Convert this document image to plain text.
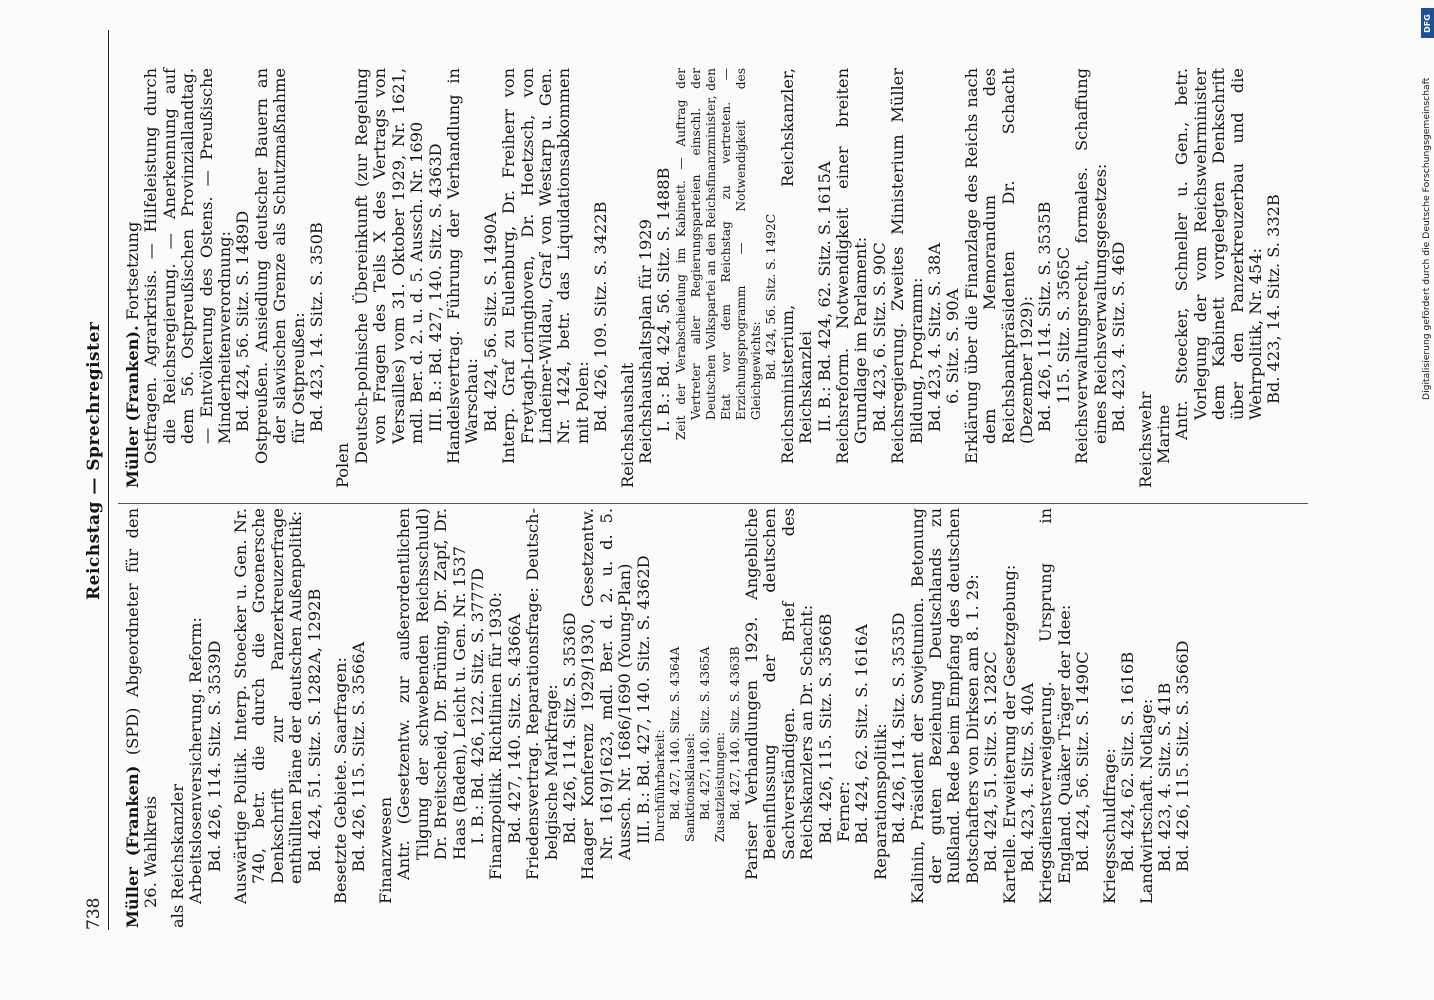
738
Reichstag — Sprechregister

Müller (Franken) (SPD) Abgeordneter für den 26. Wahlkreis als Reichskanzler Arbeitslosenversicherung. Reform: Bd. 426, 114. Sitz. S. 3539D Auswärtige Politik. Interp. Stoecker u. Gen. Nr. 740, betr. die durch die Groenersche Denkschrift zur Panzerkreuzerfrage enthüllten Pläne der deutschen Außenpolitik: Bd. 424, 51. Sitz. S. 1282A, 1292B Besetzte Gebiete. Saarfragen: Bd. 426, 115. Sitz. S. 3566A Finanzwesen Antr. (Gesetzentw. zur außerordentlichen Tilgung der schwebenden Reichsschuld) Dr. Breitscheid, Dr. Brüning, Dr. Zapf, Dr. Haas (Baden), Leicht u. Gen. Nr. 1537 I. B.: Bd. 426, 122. Sitz. S. 3777D Finanzpolitik. Richtlinien für 1930: Bd. 427, 140. Sitz. S. 4366A Friedensvertrag. Reparationsfrage: Deutsch-belgische Markfrage: Bd. 426, 114. Sitz. S. 3536D Haager Konferenz 1929/1930, Gesetzentw. Nr. 1619/1623, mdl. Ber. d. 2. u. d. 5. Aussch. Nr. 1686/1690 (Young-Plan) III. B.: Bd. 427, 140. Sitz. S. 4362D Durchführbarkeit: Bd. 427, 140. Sitz. S. 4364A Sanktionsklausel: Bd. 427, 140. Sitz. S. 4365A Zusatzleistungen: Bd. 427, 140. Sitz. S. 4363B Pariser Verhandlungen 1929. Angebliche Beeinflussung der deutschen Sachverständigen. Brief des Reichskanzlers an Dr. Schacht: Bd. 426, 115. Sitz. S. 3566B Ferner: Bd. 424, 62. Sitz. S. 1616A Reparationspolitik: Bd. 426, 114. Sitz. S. 3535D Kalinin, Präsident der Sowjetunion. Betonung der guten Beziehung Deutschlands zu Rußland. Rede beim Empfang des deutschen Botschafters von Dirksen am 8. 1. 29: Bd. 424, 51. Sitz. S. 1282C Kartelle. Erweiterung der Gesetzgebung: Bd. 423, 4. Sitz. S. 40A Kriegsdienstverweigerung. Ursprung in England. Quäker Träger der Idee: Bd. 424, 56. Sitz. S. 1490C Kriegsschuldfrage: Bd. 424, 62. Sitz. S. 1616B Landwirtschaft. Notlage: Bd. 423, 4. Sitz. S. 41B Bd. 426, 115. Sitz. S. 3566D

Müller (Franken). Fortsetzung Ostfragen. Agrarkrisis. — Hilfeleistung durch die Reichsregierung. — Anerkennung auf dem 56. Ostpreußischen Provinziallandtag. — Entvölkerung des Ostens. — Preußische Minderheitenverordnung: Bd. 424, 56. Sitz. S. 1489D Ostpreußen. Ansiedlung deutscher Bauern an der slawischen Grenze als Schutzmaßnahme für Ostpreußen: Bd. 423, 14. Sitz. S. 350B

Polen

Deutsch-polnische Übereinkunft (zur Regelung von Fragen des Teils X des Vertrags von Versailles) vom 31. Oktober 1929, Nr. 1621, mdl. Ber. d. 2. u. d. 5. Aussch. Nr. 1690 III. B.: Bd. 427, 140. Sitz. S. 4363D Handelsvertrag. Führung der Verhandlung in Warschau: Bd. 424, 56. Sitz. S. 1490A Interp. Graf zu Eulenburg, Dr. Freiherr von Freytagh-Loringhoven, Dr. Hoetzsch, von Lindeiner-Wildau, Graf von Westarp u. Gen. Nr. 1424, betr. das Liquidationsabkommen mit Polen: Bd. 426, 109. Sitz. S. 3422B Reichshaushalt Reichshaushaltsplan für 1929 I. B.: Bd. 424, 56. Sitz. S. 1488B Zeit der Verabschiedung im Kabinett. — Auftrag der Vertreter aller Regierungsparteien einschl. der Deutschen Volkspartei an den Reichsfinanzminister, den Etat vor dem Reichstag zu vertreten. — Erzichungsprogramm — Notwendigkeit des Gleichgewichts: Bd. 424, 56. Sitz. S. 1492C Reichsministerium, Reichskanzler, Reichskanzlei II. B.: Bd. 424, 62. Sitz. S. 1615A Reichsreform. Notwendigkeit einer breiten Grundlage im Parlament: Bd. 423, 6. Sitz. S. 90C Reichsregierung. Zweites Ministerium Müller Bildung, Programm: Bd. 423, 4. Sitz. S. 38A 6. Sitz. S. 90A Erklärung über die Finanzlage des Reichs nach dem Memorandum des Reichsbankpräsidenten Dr. Schacht (Dezember 1929): Bd. 426, 114. Sitz. S. 3535B 115. Sitz. S. 3565C Reichsverwaltungsrecht, formales. Schaffung eines Reichsverwaltungsgesetzes: Bd. 423, 4. Sitz. S. 46D

Reichswehr Marine Antr. Stoecker, Schneller u. Gen., betr. Vorlegung der vom Reichswehrminister dem Kabinett vorgelegten Denkschrift über den Panzerkreuzerbau und die Wehrpolitik, Nr. 454: Bd. 423, 14. Sitz. S. 332B	Digitalisierung gefördert durch die Deutsche Forschungsgemeinschaft
DFG
